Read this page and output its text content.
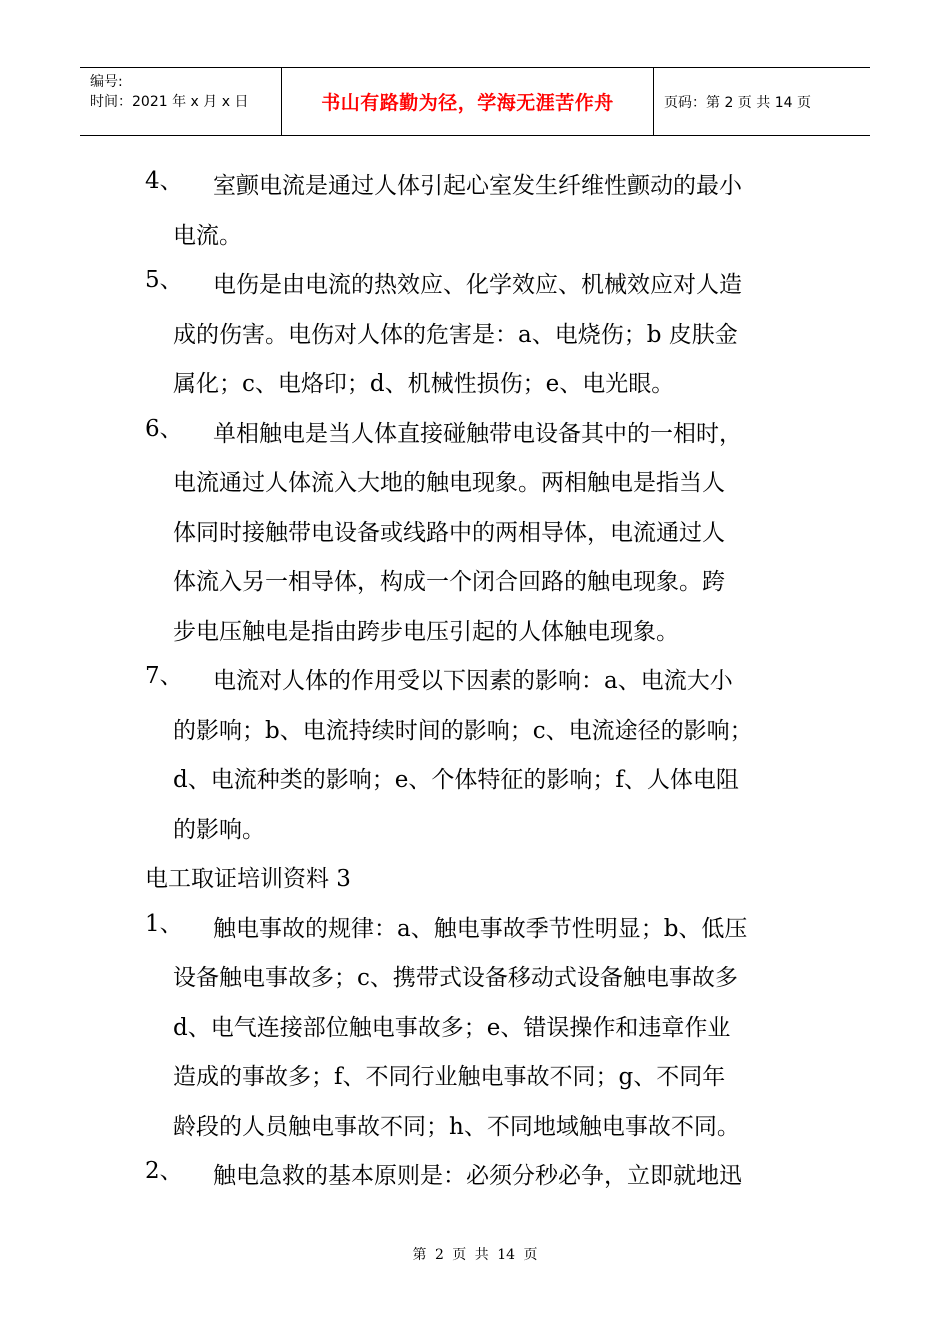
编号:
时间：2021 年 x 月 x 日	书山有路勤为径，学海无涯苦作舟	页码：第 2 页 共 14 页
4、	室颤电流是通过人体引起心室发生纤维性颤动的最小
电流。
5、	电伤是由电流的热效应、化学效应、机械效应对人造
成的伤害。电伤对人体的危害是：a、电烧伤；b 皮肤金
属化；c、电烙印；d、机械性损伤；e、电光眼。
6、	单相触电是当人体直接碰触带电设备其中的一相时，
电流通过人体流入大地的触电现象。两相触电是指当人
体同时接触带电设备或线路中的两相导体，电流通过人
体流入另一相导体，构成一个闭合回路的触电现象。跨
步电压触电是指由跨步电压引起的人体触电现象。
7、	电流对人体的作用受以下因素的影响：a、电流大小
的影响；b、电流持续时间的影响；c、电流途径的影响；
d、电流种类的影响；e、个体特征的影响；f、人体电阻
的影响。
电工取证培训资料 3
1、	触电事故的规律：a、触电事故季节性明显；b、低压
设备触电事故多；c、携带式设备移动式设备触电事故多
d、电气连接部位触电事故多；e、错误操作和违章作业
造成的事故多；f、不同行业触电事故不同；g、不同年
龄段的人员触电事故不同；h、不同地域触电事故不同。
2、	触电急救的基本原则是：必须分秒必争，立即就地迅
第 2 页 共 14 页
